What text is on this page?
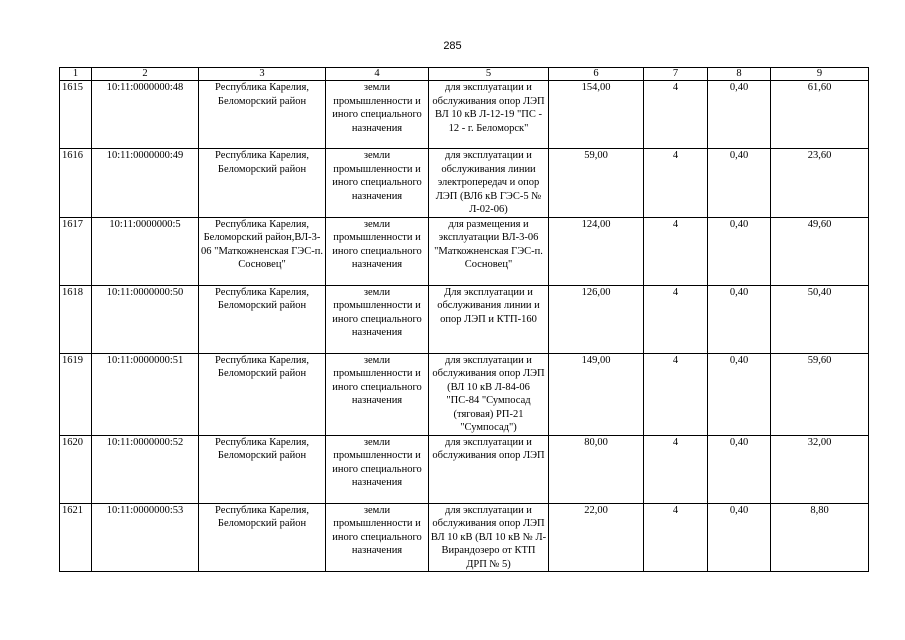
285
1	2	3	4	5	6	7	8	9
1615	10:11:0000000:48	Республика Карелия, Беломорский район	земли промышленности и иного специального назначения	для эксплуатации и обслуживания опор ЛЭП ВЛ 10 кВ Л-12-19 "ПС - 12 - г. Беломорск"	154,00	4	0,40	61,60
1616	10:11:0000000:49	Республика Карелия, Беломорский район	земли промышленности и иного специального назначения	для эксплуатации и обслуживания линии электропередач и опор ЛЭП (ВЛ6 кВ ГЭС-5 № Л-02-06)	59,00	4	0,40	23,60
1617	10:11:0000000:5	Республика Карелия, Беломорский район,ВЛ-3-06 "Маткожненская ГЭС-п. Сосновец"	земли промышленности и иного специального назначения	для размещения и эксплуатации ВЛ-3-06 "Маткожненская ГЭС-п. Сосновец"	124,00	4	0,40	49,60
1618	10:11:0000000:50	Республика Карелия, Беломорский район	земли промышленности и иного специального назначения	Для эксплуатации и обслуживания линии и опор ЛЭП и КТП-160	126,00	4	0,40	50,40
1619	10:11:0000000:51	Республика Карелия, Беломорский район	земли промышленности и иного специального назначения	для эксплуатации и обслуживания опор ЛЭП (ВЛ 10 кВ Л-84-06 "ПС-84 "Сумпосад (тяговая) РП-21 "Сумпосад")	149,00	4	0,40	59,60
1620	10:11:0000000:52	Республика Карелия, Беломорский район	земли промышленности и иного специального назначения	для эксплуатации и обслуживания опор ЛЭП	80,00	4	0,40	32,00
1621	10:11:0000000:53	Республика Карелия, Беломорский район	земли промышленности и иного специального назначения	для эксплуатации и обслуживания опор ЛЭП ВЛ 10 кВ (ВЛ 10 кВ № Л-Вирандозеро от КТП ДРП № 5)	22,00	4	0,40	8,80
